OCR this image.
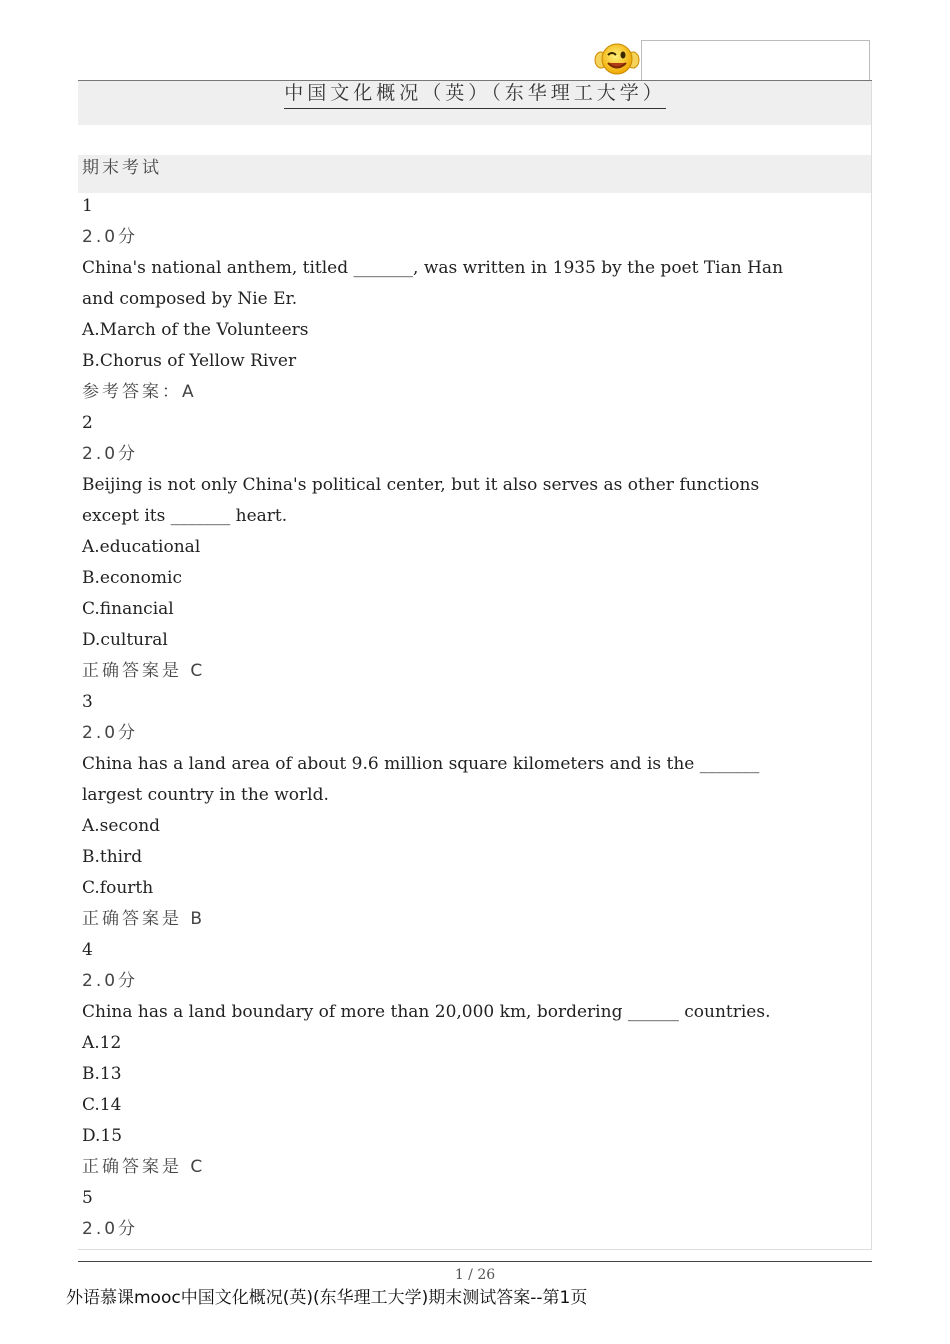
中国文化概况（英）（东华理工大学）
期末考试
1
2.0分
China's national anthem, titled _______, was written in 1935 by the poet Tian Han
and composed by Nie Er.
A.March of the Volunteers
B.Chorus of Yellow River
参考答案：A
2
2.0分
Beijing is not only China's political center, but it also serves as other functions
except its _______ heart.
A.educational
B.economic
C.financial
D.cultural
正确答案是 C
3
2.0分
China has a land area of about 9.6 million square kilometers and is the _______
largest country in the world.
A.second
B.third
C.fourth
正确答案是 B
4
2.0分
China has a land boundary of more than 20,000 km, bordering ______ countries.
A.12
B.13
C.14
D.15
正确答案是 C
5
2.0分
1 / 26
外语慕课mooc中国文化概况(英)(东华理工大学)期末测试答案--第1页
